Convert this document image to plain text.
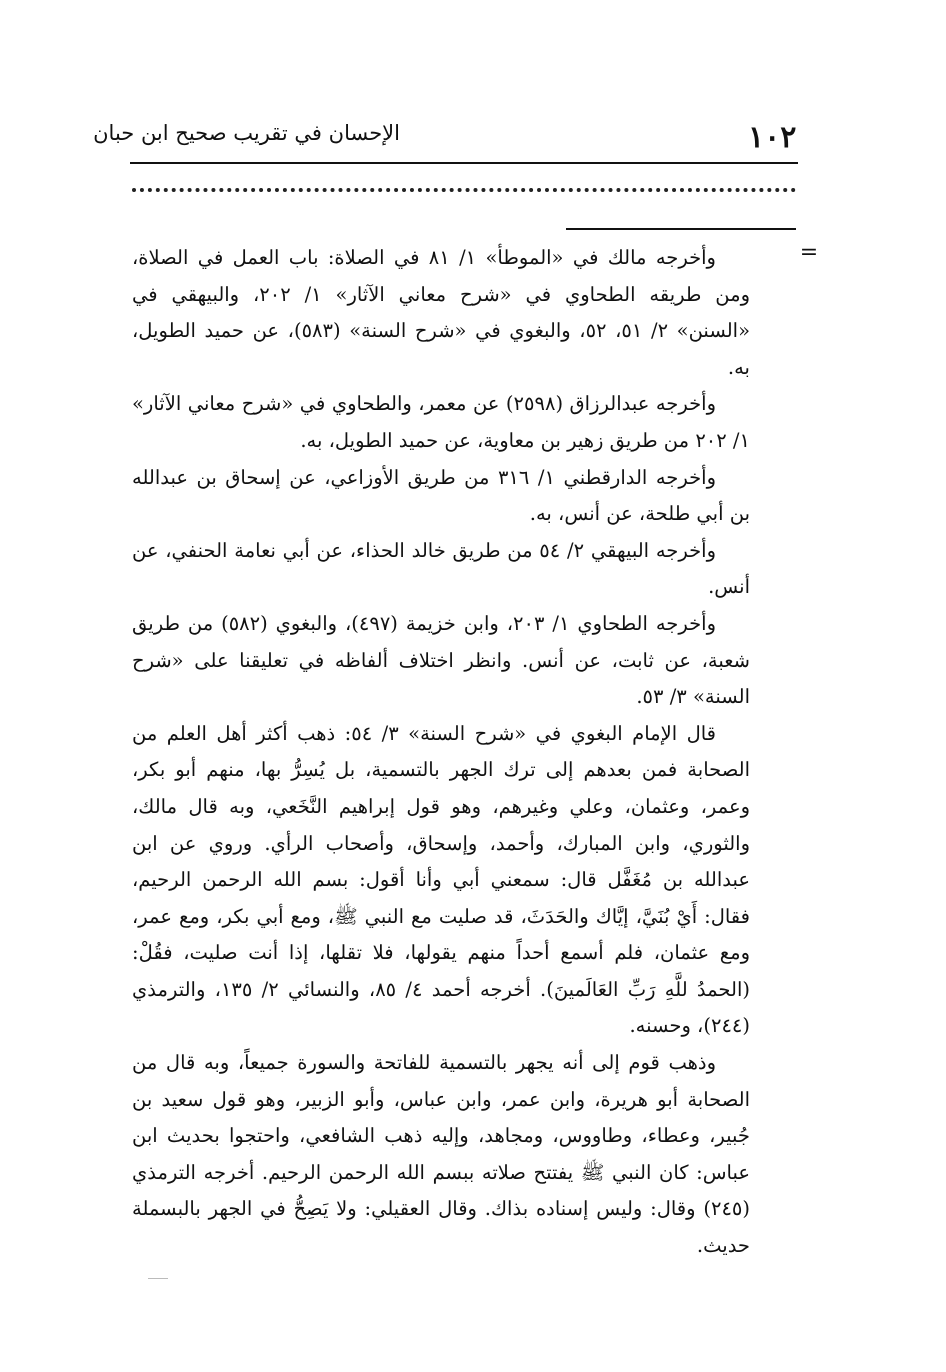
١٠٢
الإحسان في تقريب صحيح ابن حبان
=

وأخرجه مالك في «الموطأ» ١/ ٨١ في الصلاة: باب العمل في الصلاة، ومن طريقه الطحاوي في «شرح معاني الآثار» ١/ ٢٠٢، والبيهقي في «السنن» ٢/ ٥١، ٥٢، والبغوي في «شرح السنة» (٥٨٣)، عن حميد الطويل، به.

وأخرجه عبدالرزاق (٢٥٩٨) عن معمر، والطحاوي في «شرح معاني الآثار» ١/ ٢٠٢ من طريق زهير بن معاوية، عن حميد الطويل، به.

وأخرجه الدارقطني ١/ ٣١٦ من طريق الأوزاعي، عن إسحاق بن عبدالله بن أبي طلحة، عن أنس، به.

وأخرجه البيهقي ٢/ ٥٤ من طريق خالد الحذاء، عن أبي نعامة الحنفي، عن أنس.

وأخرجه الطحاوي ١/ ٢٠٣، وابن خزيمة (٤٩٧)، والبغوي (٥٨٢) من طريق شعبة، عن ثابت، عن أنس. وانظر اختلاف ألفاظه في تعليقنا على «شرح السنة» ٣/ ٥٣.

قال الإمام البغوي في «شرح السنة» ٣/ ٥٤: ذهب أكثر أهل العلم من الصحابة فمن بعدهم إلى ترك الجهر بالتسمية، بل يُسِرُّ بها، منهم أبو بكر، وعمر، وعثمان، وعلي وغيرهم، وهو قول إبراهيم النَّخَعي، وبه قال مالك، والثوري، وابن المبارك، وأحمد، وإسحاق، وأصحاب الرأي. وروي عن ابن عبدالله بن مُغَفَّل قال: سمعني أبي وأنا أقول: بسم الله الرحمن الرحيم، فقال: أَيْ بُنَيَّ، إيَّاك والحَدَثَ، قد صليت مع النبي ﷺ، ومع أبي بكر، ومع عمر، ومع عثمان، فلم أسمع أحداً منهم يقولها، فلا تقلها، إذا أنت صليت، فقُلْ: (الحمدُ للَّهِ رَبِّ العَالَمينَ). أخرجه أحمد ٤/ ٨٥، والنسائي ٢/ ١٣٥، والترمذي (٢٤٤)، وحسنه.

وذهب قوم إلى أنه يجهر بالتسمية للفاتحة والسورة جميعاً، وبه قال من الصحابة أبو هريرة، وابن عمر، وابن عباس، وأبو الزبير، وهو قول سعيد بن جُبير، وعطاء، وطاووس، ومجاهد، وإليه ذهب الشافعي، واحتجوا بحديث ابن عباس: كان النبي ﷺ يفتتح صلاته ببسم الله الرحمن الرحيم. أخرجه الترمذي (٢٤٥) وقال: وليس إسناده بذاك. وقال العقيلي: ولا يَصِحُّ في الجهر بالبسملة حديث.
